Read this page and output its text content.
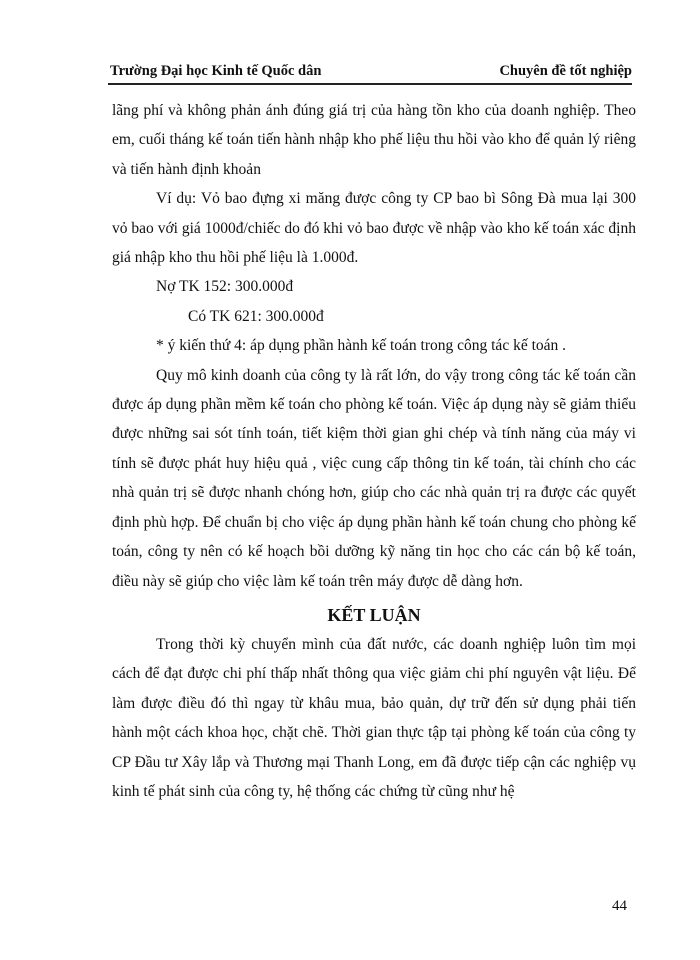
Trường Đại học Kinh tế Quốc dân	Chuyên đề tốt nghiệp

lãng phí và không phản ánh đúng giá trị của hàng tồn kho của doanh nghiệp. Theo em, cuối tháng kế toán tiến hành nhập kho phế liệu thu hồi vào kho để quản lý riêng và tiến hành định khoản

Ví dụ: Vỏ bao đựng xi măng được công ty CP bao bì Sông Đà mua lại 300 vỏ bao với giá 1000đ/chiếc do đó khi vỏ bao được về nhập vào kho kế toán xác định giá nhập kho thu hồi phế liệu là 1.000đ.

Nợ TK 152: 300.000đ

Có TK 621: 300.000đ

* ý kiến thứ 4: áp dụng phần hành kế toán trong công tác kế toán .

Quy mô kinh doanh của công ty là rất lớn, do vậy trong công tác kế toán cần được áp dụng phần mềm kế toán cho phòng kế toán. Việc áp dụng này sẽ giảm thiểu được những sai sót tính toán, tiết kiệm thời gian ghi chép và tính năng của máy vi tính sẽ được phát huy hiệu quả , việc cung cấp thông tin kế toán, tài chính cho các nhà quản trị sẽ được nhanh chóng hơn, giúp cho các nhà quản trị ra được các quyết định phù hợp. Để chuẩn bị cho việc áp dụng phần hành kế toán chung cho phòng kế toán, công ty nên có kế hoạch bồi dưỡng kỹ năng tin học cho các cán bộ kế toán, điều này sẽ giúp cho việc làm kế toán trên máy được dễ dàng hơn.

KẾT LUẬN

Trong thời kỳ chuyển mình của đất nước, các doanh nghiệp luôn tìm mọi cách để đạt được chi phí thấp nhất thông qua việc giảm chi phí nguyên vật liệu. Để làm được điều đó thì ngay từ khâu mua, bảo quản, dự trữ đến sử dụng phải tiến hành một cách khoa học, chặt chẽ. Thời gian thực tập tại phòng kế toán của công ty CP Đầu tư Xây lắp và Thương mại Thanh Long, em đã được tiếp cận các nghiệp vụ kinh tế phát sinh của công ty, hệ thống các chứng từ cũng như hệ

44
